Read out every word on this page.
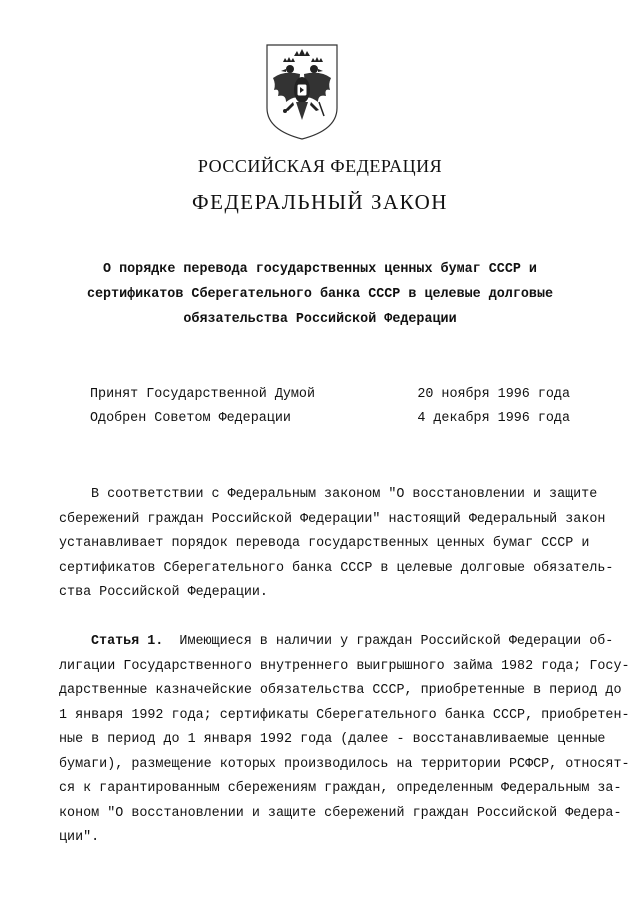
РОССИЙСКАЯ ФЕДЕРАЦИЯ
ФЕДЕРАЛЬНЫЙ ЗАКОН
О порядке перевода государственных ценных бумаг СССР и
сертификатов Сберегательного банка СССР в целевые долговые
обязательства Российской Федерации
Принят Государственной Думой
Одобрен Советом Федерации
20 ноября 1996 года
4 декабря 1996 года
В соответствии с Федеральным законом "О восстановлении и защите
сбережений граждан Российской Федерации" настоящий Федеральный закон
устанавливает порядок перевода государственных ценных бумаг СССР и
сертификатов Сберегательного банка СССР в целевые долговые обязатель-
ства Российской Федерации.
Статья 1. Имеющиеся в наличии у граждан Российской Федерации об-
лигации Государственного внутреннего выигрышного займа 1982 года; Госу-
дарственные казначейские обязательства СССР, приобретенные в период до
1 января 1992 года; сертификаты Сберегательного банка СССР, приобретен-
ные в период до 1 января 1992 года (далее - восстанавливаемые ценные
бумаги), размещение которых производилось на территории РСФСР, относят-
ся к гарантированным сбережениям граждан, определенным Федеральным за-
коном "О восстановлении и защите сбережений граждан Российской Федера-
ции".
